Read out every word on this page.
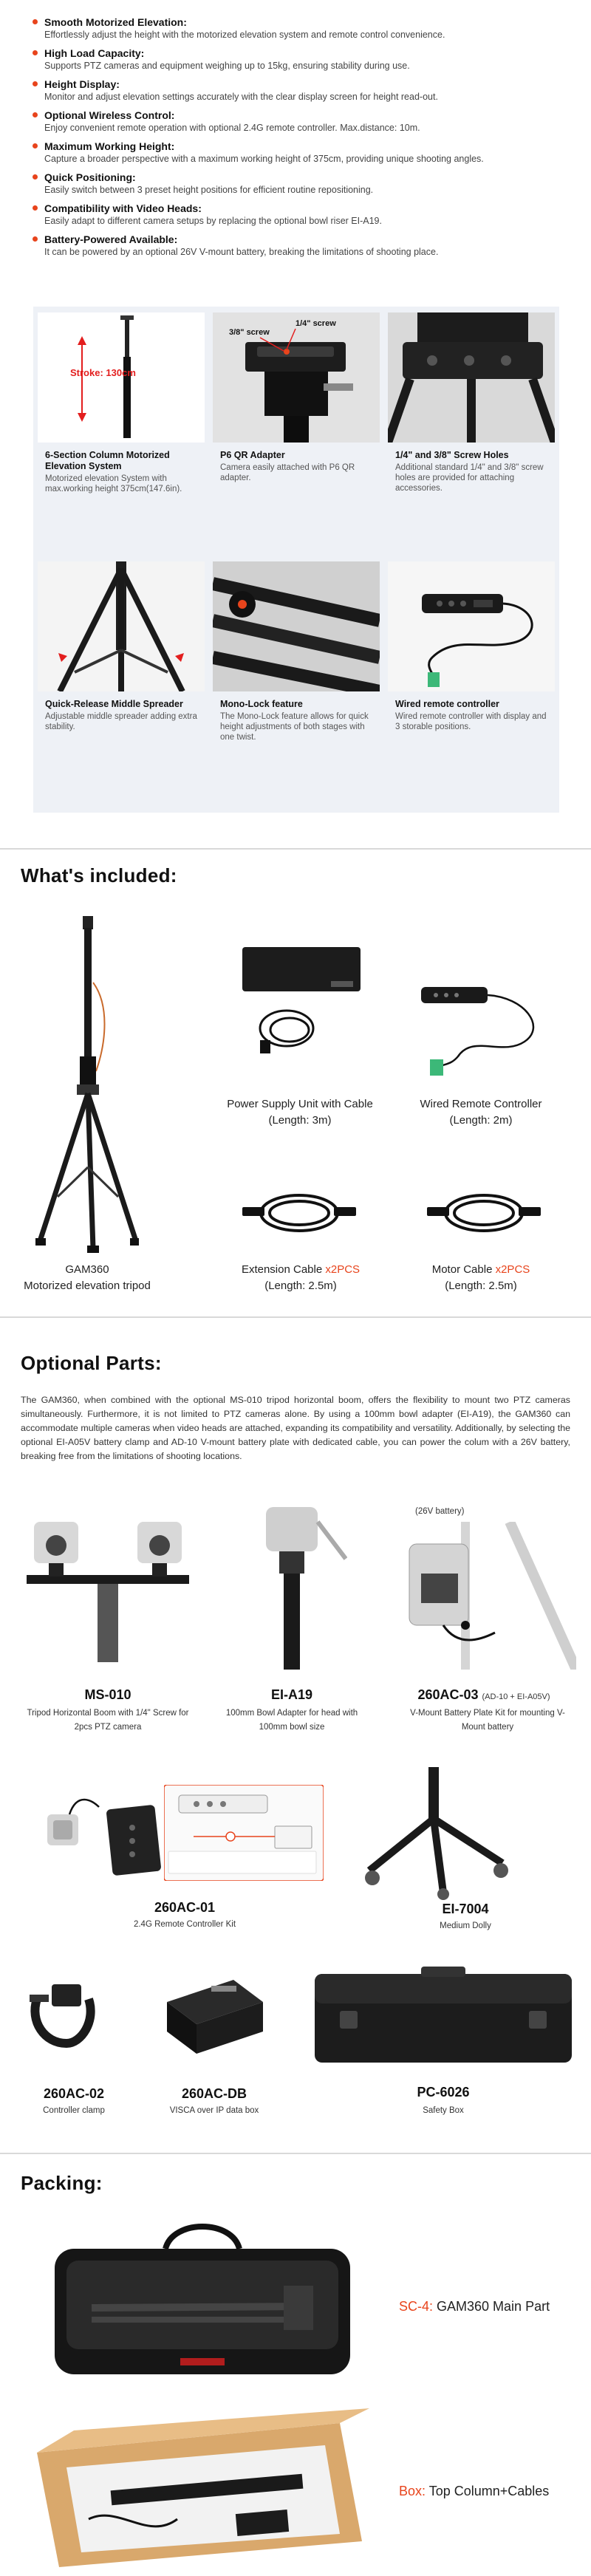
Smooth Motorized Elevation:
Effortlessly adjust the height with the motorized elevation system and remote control convenience.
High Load Capacity:
Supports PTZ cameras and equipment weighing up to 15kg, ensuring stability during use.
Height Display:
Monitor and adjust elevation settings accurately with the clear display screen for height read-out.
Optional Wireless Control:
Enjoy convenient remote operation with optional 2.4G remote controller. Max.distance: 10m.
Maximum Working Height:
Capture a broader perspective with a maximum working height of 375cm, providing unique shooting angles.
Quick Positioning:
Easily switch between 3 preset height positions for efficient routine repositioning.
Compatibility with Video Heads:
Easily adapt to different camera setups by replacing the optional bowl riser EI-A19.
Battery-Powered Available:
It can be powered by an optional 26V V-mount battery, breaking the limitations of shooting place.
Stroke: 130cm
6-Section Column Motorized Elevation System
Motorized elevation System with max.working height 375cm(147.6in).
1/4" screw
3/8" screw
P6 QR Adapter
Camera easily attached with P6 QR adapter.
1/4" and 3/8" Screw Holes
Additional standard 1/4" and 3/8" screw holes are provided for attaching accessories.
Quick-Release Middle Spreader
Adjustable middle spreader adding extra stability.
Mono-Lock feature
The Mono-Lock feature allows for quick height adjustments of both stages with one twist.
Wired remote controller
Wired remote controller with display and 3 storable positions.
What's included:
GAM360
Motorized elevation tripod
Power Supply Unit with Cable
(Length: 3m)
Wired Remote Controller
(Length: 2m)
Extension Cable x2PCS
(Length: 2.5m)
Motor Cable x2PCS
(Length: 2.5m)
Optional Parts:
The GAM360, when combined with the optional MS-010 tripod horizontal boom, offers the flexibility to mount two PTZ cameras simultaneously. Furthermore, it is not limited to PTZ cameras alone. By using a 100mm bowl adapter (EI-A19), the GAM360 can accommodate multiple cameras when video heads are attached, expanding its compatibility and versatility. Additionally, by selecting the optional EI-A05V battery clamp and AD-10 V-mount battery plate with dedicated cable, you can power the colum with a 26V battery, breaking free from the limitations of shooting locations.
MS-010
Tripod Horizontal Boom with 1/4" Screw for 2pcs PTZ camera
EI-A19
100mm Bowl Adapter for head with 100mm bowl size
(26V battery)
260AC-03 (AD-10 + EI-A05V)
V-Mount Battery Plate Kit for mounting V-Mount battery
260AC-01
2.4G Remote Controller Kit
EI-7004
Medium Dolly
260AC-02
Controller clamp
260AC-DB
VISCA over IP data box
PC-6026
Safety Box
Packing:
SC-4: GAM360 Main Part
Box: Top Column+Cables
